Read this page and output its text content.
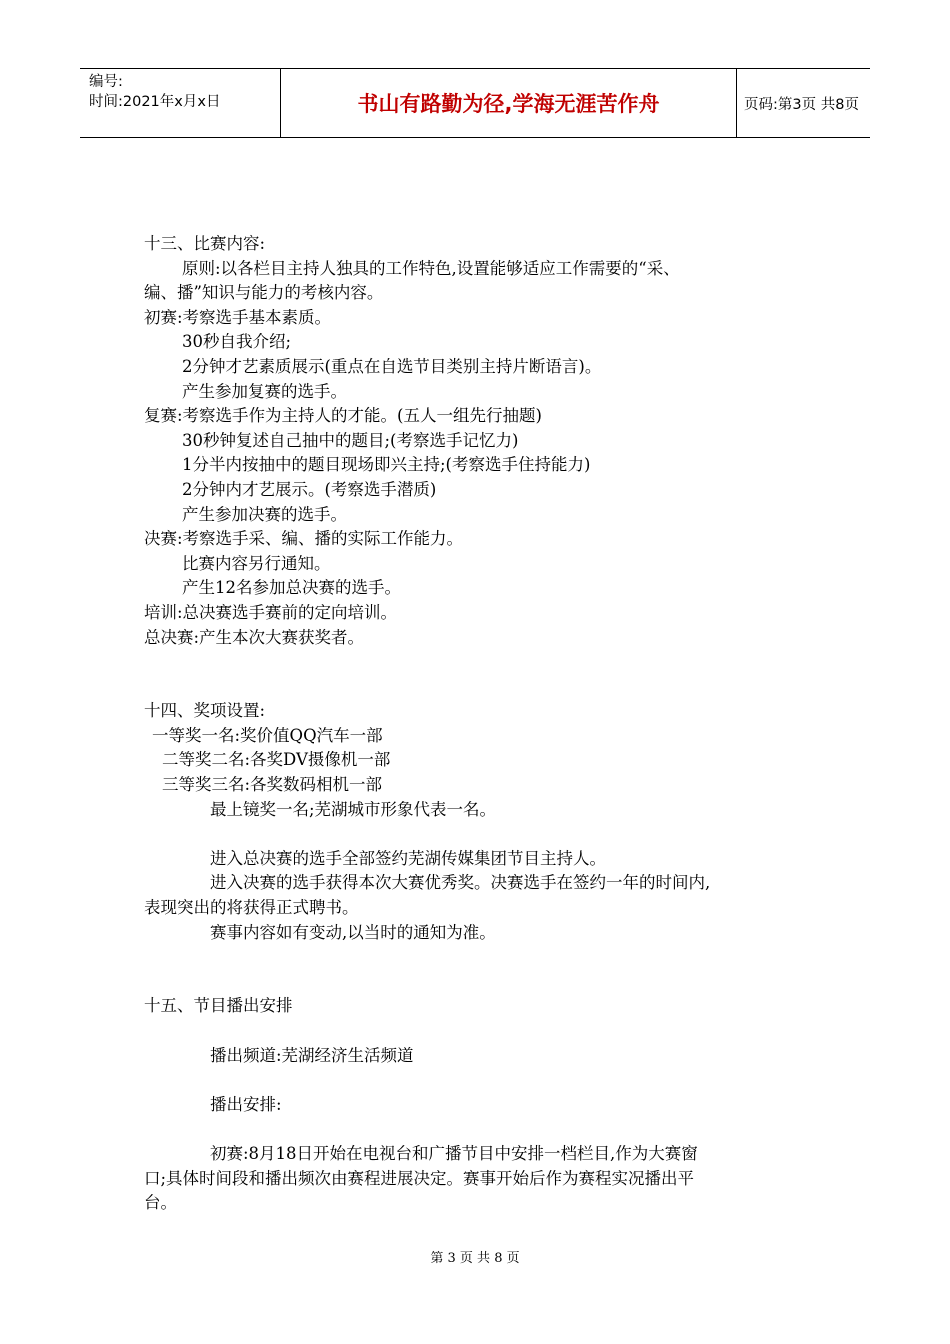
编号:
时间:2021年x月x日	书山有路勤为径,学海无涯苦作舟	页码:第3页 共8页

十三、比赛内容:

原则:以各栏目主持人独具的工作特色,设置能够适应工作需要的“采、

编、播”知识与能力的考核内容。

初赛:考察选手基本素质。

30秒自我介绍;

2分钟才艺素质展示(重点在自选节目类别主持片断语言)。

产生参加复赛的选手。

复赛:考察选手作为主持人的才能。(五人一组先行抽题)

30秒钟复述自己抽中的题目;(考察选手记忆力)

1分半内按抽中的题目现场即兴主持;(考察选手住持能力)

2分钟内才艺展示。(考察选手潜质)

产生参加决赛的选手。

决赛:考察选手采、编、播的实际工作能力。

比赛内容另行通知。

产生12名参加总决赛的选手。

培训:总决赛选手赛前的定向培训。

总决赛:产生本次大赛获奖者。

十四、奖项设置:

一等奖一名:奖价值QQ汽车一部

二等奖二名:各奖DV摄像机一部

三等奖三名:各奖数码相机一部

最上镜奖一名;芜湖城市形象代表一名。

进入总决赛的选手全部签约芜湖传媒集团节目主持人。

进入决赛的选手获得本次大赛优秀奖。决赛选手在签约一年的时间内,

表现突出的将获得正式聘书。

赛事内容如有变动,以当时的通知为准。

十五、节目播出安排

播出频道:芜湖经济生活频道

播出安排:

初赛:8月18日开始在电视台和广播节目中安排一档栏目,作为大赛窗

口;具体时间段和播出频次由赛程进展决定。赛事开始后作为赛程实况播出平

台。

第 3 页 共 8 页
